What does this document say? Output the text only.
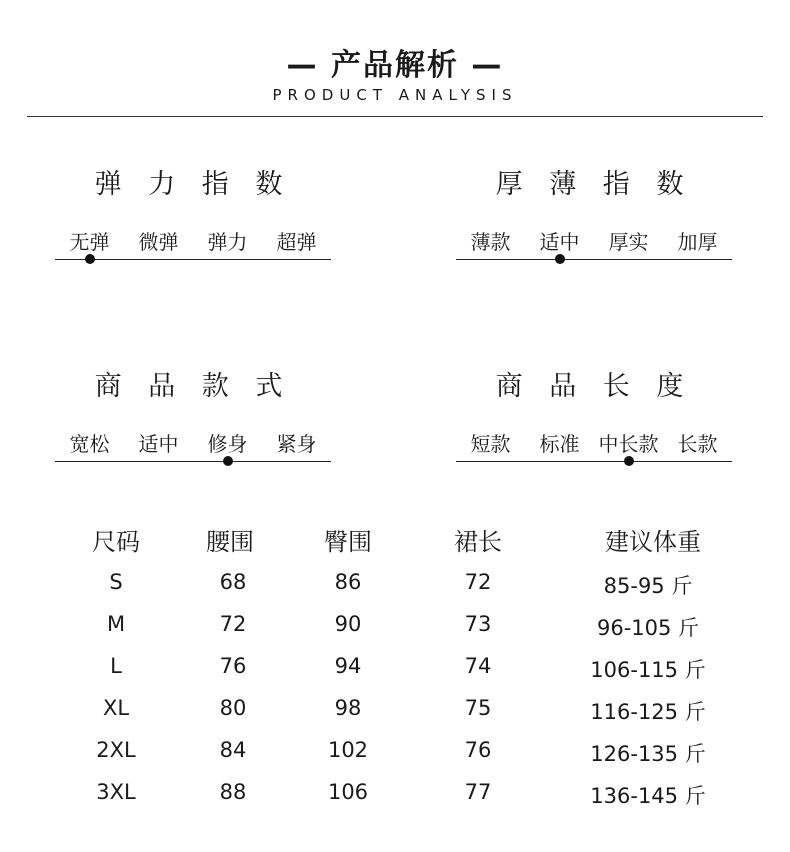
— 产品解析 —
PRODUCT ANALYSIS
弹 力 指 数
无弹	微弹	弹力	超弹
厚 薄 指 数
薄款	适中	厚实	加厚
商 品 款 式
宽松	适中	修身	紧身
商 品 长 度
短款	标准 中长款 长款
尺码	腰围	臀围	裙长	建议体重
S	68	86	72	85-95 斤
M	72	90	73	96-105 斤
L	76	94	74	106-115 斤
XL	80	98	75	116-125 斤
2XL	84	102	76	126-135 斤
3XL	88	106	77	136-145 斤
